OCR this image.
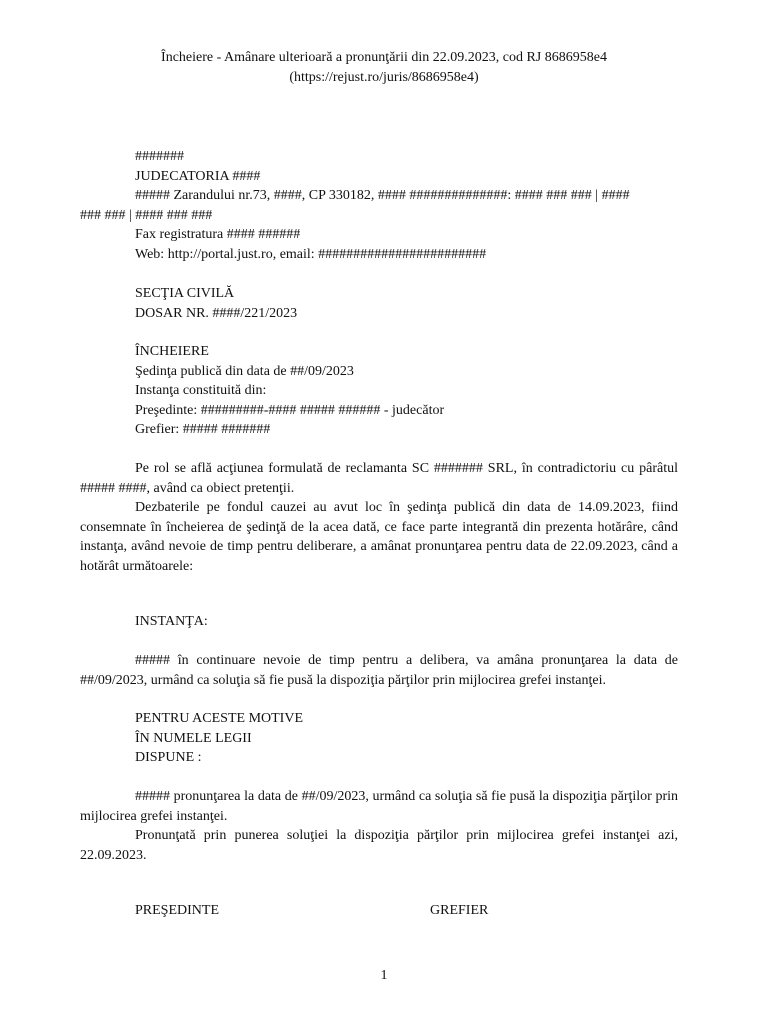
Încheiere - Amânare ulterioară a pronunţării din 22.09.2023, cod RJ 8686958e4
(https://rejust.ro/juris/8686958e4)
#######
JUDECATORIA ####
##### Zarandului nr.73, ####, CP 330182, #### ##############: #### ### ### | ####
### ### | #### ### ###
Fax registratura #### ######
Web: http://portal.just.ro, email: ########################
SECŢIA CIVILĂ
DOSAR NR. ####/221/2023
ÎNCHEIERE
Şedinţa publică din data de ##/09/2023
Instanţa constituită din:
Preşedinte: #########-#### ##### ###### - judecător
Grefier: ##### #######
Pe rol se află acţiunea formulată de reclamanta SC ####### SRL, în contradictoriu cu pârâtul ##### ####, având ca obiect pretenţii.
Dezbaterile pe fondul cauzei au avut loc în şedinţa publică din data de 14.09.2023, fiind consemnate în încheierea de şedinţă de la acea dată, ce face parte integrantă din prezenta hotărâre, când instanţa, având nevoie de timp pentru deliberare, a amânat pronunţarea pentru data de 22.09.2023, când a hotărât următoarele:
INSTANŢA:
##### în continuare nevoie de timp pentru a delibera, va amâna pronunţarea la data de ##/09/2023, urmând ca soluţia să fie pusă la dispoziţia părţilor prin mijlocirea grefei instanţei.
PENTRU ACESTE MOTIVE
ÎN NUMELE LEGII
DISPUNE :
##### pronunţarea la data de ##/09/2023, urmând ca soluţia să fie pusă la dispoziţia părţilor prin mijlocirea grefei instanţei.
Pronunţată prin punerea soluţiei la dispoziţia părţilor prin mijlocirea grefei instanţei azi, 22.09.2023.
PREŞEDINTE	GREFIER
1
